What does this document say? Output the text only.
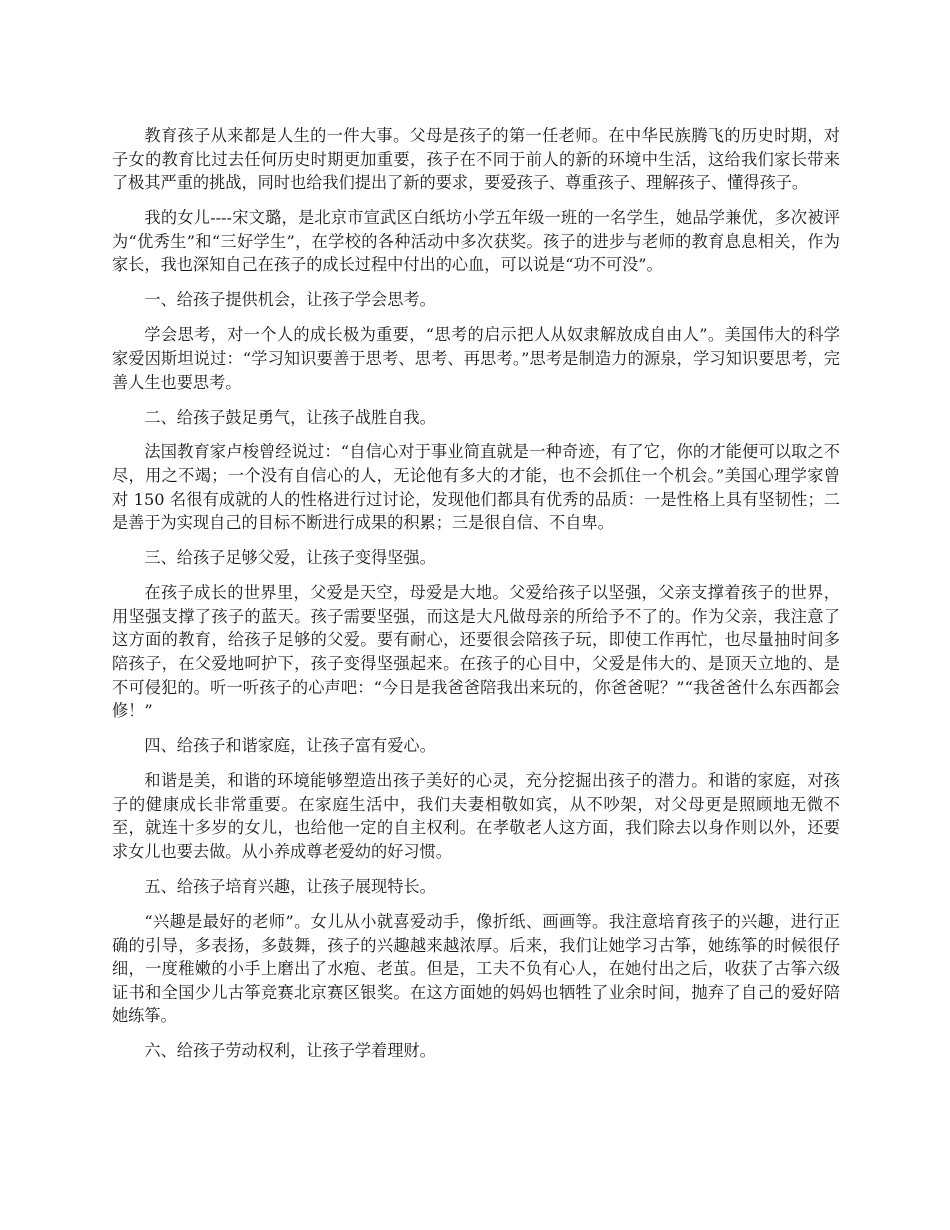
教育孩子从来都是人生的一件大事。父母是孩子的第一任老师。在中华民族腾飞的历史时期，对子女的教育比过去任何历史时期更加重要，孩子在不同于前人的新的环境中生活，这给我们家长带来了极其严重的挑战，同时也给我们提出了新的要求，要爱孩子、尊重孩子、理解孩子、懂得孩子。

我的女儿----宋文璐，是北京市宣武区白纸坊小学五年级一班的一名学生，她品学兼优，多次被评为“优秀生”和“三好学生”，在学校的各种活动中多次获奖。孩子的进步与老师的教育息息相关，作为家长，我也深知自己在孩子的成长过程中付出的心血，可以说是“功不可没”。

一、给孩子提供机会，让孩子学会思考。

学会思考，对一个人的成长极为重要，“思考的启示把人从奴隶解放成自由人”。美国伟大的科学家爱因斯坦说过：“学习知识要善于思考、思考、再思考。”思考是制造力的源泉，学习知识要思考，完善人生也要思考。

二、给孩子鼓足勇气，让孩子战胜自我。

法国教育家卢梭曾经说过：“自信心对于事业简直就是一种奇迹，有了它，你的才能便可以取之不尽，用之不竭；一个没有自信心的人，无论他有多大的才能，也不会抓住一个机会。”美国心理学家曾对 150 名很有成就的人的性格进行过讨论，发现他们都具有优秀的品质：一是性格上具有坚韧性；二是善于为实现自己的目标不断进行成果的积累；三是很自信、不自卑。

三、给孩子足够父爱，让孩子变得坚强。

在孩子成长的世界里，父爱是天空，母爱是大地。父爱给孩子以坚强，父亲支撑着孩子的世界，用坚强支撑了孩子的蓝天。孩子需要坚强，而这是大凡做母亲的所给予不了的。作为父亲，我注意了这方面的教育，给孩子足够的父爱。要有耐心，还要很会陪孩子玩，即使工作再忙，也尽量抽时间多陪孩子，在父爱地呵护下，孩子变得坚强起来。在孩子的心目中，父爱是伟大的、是顶天立地的、是不可侵犯的。听一听孩子的心声吧：“今日是我爸爸陪我出来玩的，你爸爸呢？”“我爸爸什么东西都会修！”

四、给孩子和谐家庭，让孩子富有爱心。

和谐是美，和谐的环境能够塑造出孩子美好的心灵，充分挖掘出孩子的潜力。和谐的家庭，对孩子的健康成长非常重要。在家庭生活中，我们夫妻相敬如宾，从不吵架，对父母更是照顾地无微不至，就连十多岁的女儿，也给他一定的自主权利。在孝敬老人这方面，我们除去以身作则以外，还要求女儿也要去做。从小养成尊老爱幼的好习惯。

五、给孩子培育兴趣，让孩子展现特长。

“兴趣是最好的老师”。女儿从小就喜爱动手，像折纸、画画等。我注意培育孩子的兴趣，进行正确的引导，多表扬，多鼓舞，孩子的兴趣越来越浓厚。后来，我们让她学习古筝，她练筝的时候很仔细，一度稚嫩的小手上磨出了水疱、老茧。但是，工夫不负有心人，在她付出之后，收获了古筝六级证书和全国少儿古筝竞赛北京赛区银奖。在这方面她的妈妈也牺牲了业余时间，抛弃了自己的爱好陪她练筝。

六、给孩子劳动权利，让孩子学着理财。
